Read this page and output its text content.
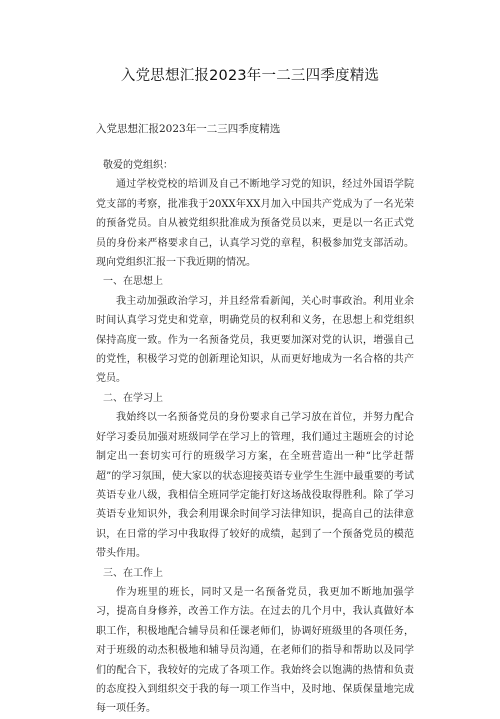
入党思想汇报2023年一二三四季度精选
入党思想汇报2023年一二三四季度精选

敬爱的党组织：

通过学校党校的培训及自己不断地学习党的知识，经过外国语学院党支部的考察，批准我于20XX年XX月加入中国共产党成为了一名光荣的预备党员。自从被党组织批准成为预备党员以来，更是以一名正式党员的身份来严格要求自己，认真学习党的章程，积极参加党支部活动。现向党组织汇报一下我近期的情况。

一、在思想上

我主动加强政治学习，并且经常看新闻，关心时事政治。利用业余时间认真学习党史和党章，明确党员的权利和义务，在思想上和党组织保持高度一致。作为一名预备党员，我更要加深对党的认识，增强自己的党性，积极学习党的创新理论知识，从而更好地成为一名合格的共产党员。

二、在学习上

我始终以一名预备党员的身份要求自己学习放在首位，并努力配合好学习委员加强对班级同学在学习上的管理，我们通过主题班会的讨论制定出一套切实可行的班级学习方案，在全班营造出一种“比学赶帮超”的学习氛围，使大家以的状态迎接英语专业学生生涯中最重要的考试英语专业八级，我相信全班同学定能打好这场战役取得胜利。除了学习英语专业知识外，我会利用课余时间学习法律知识，提高自己的法律意识，在日常的学习中我取得了较好的成绩，起到了一个预备党员的模范带头作用。

三、在工作上

作为班里的班长，同时又是一名预备党员，我更加不断地加强学习，提高自身修养，改善工作方法。在过去的几个月中，我认真做好本职工作，积极地配合辅导员和任课老师们，协调好班级里的各项任务，对于班级的动杰积极地和辅导员沟通，在老师们的指导和帮助以及同学们的配合下，我较好的完成了各项工作。我始终会以饱满的热情和负责的态度投入到组织交于我的每一项工作当中，及时地、保质保量地完成每一项任务。
